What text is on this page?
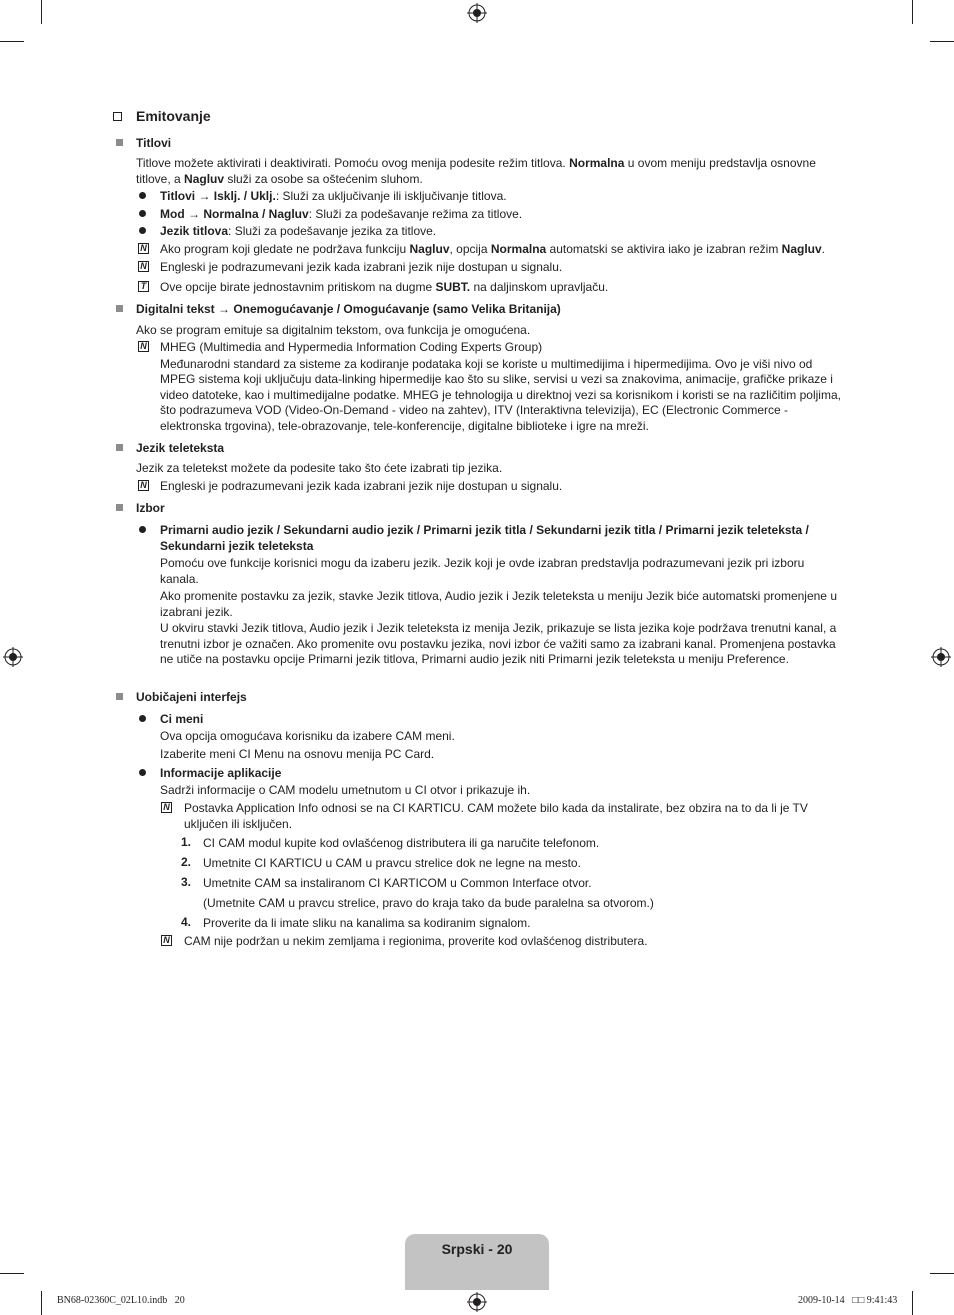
Emitovanje
Titlovi
Titlove možete aktivirati i deaktivirati. Pomoću ovog menija podesite režim titlova. Normalna u ovom meniju predstavlja osnovne
titlove, a Nagluv služi za osobe sa oštećenim sluhom.
Titlovi → Isklj. / Uklj.: Služi za uključivanje ili isključivanje titlova.
Mod → Normalna / Nagluv: Služi za podešavanje režima za titlove.
Jezik titlova: Služi za podešavanje jezika za titlove.
N Ako program koji gledate ne podržava funkciju Nagluv, opcija Normalna automatski se aktivira iako je izabran režim Nagluv.
N Engleski je podrazumevani jezik kada izabrani jezik nije dostupan u signalu.
T Ove opcije birate jednostavnim pritiskom na dugme SUBT. na daljinskom upravljaču.
Digitalni tekst → Onemogućavanje / Omogućavanje (samo Velika Britanija)
Ako se program emituje sa digitalnim tekstom, ova funkcija je omogućena.
N MHEG (Multimedia and Hypermedia Information Coding Experts Group)
Međunarodni standard za sisteme za kodiranje podataka koji se koriste u multimedijima i hipermedijima. Ovo je viši nivo od MPEG sistema koji uključuju data-linking hipermedije kao što su slike, servisi u vezi sa znakovima, animacije, grafičke prikaze i video datoteke, kao i multimedijalne podatke. MHEG je tehnologija u direktnoj vezi sa korisnikom i koristi se na različitim poljima, što podrazumeva VOD (Video-On-Demand - video na zahtev), ITV (Interaktivna televizija), EC (Electronic Commerce - elektronska trgovina), tele-obrazovanje, tele-konferencije, digitalne biblioteke i igre na mreži.
Jezik teleteksta
Jezik za teletekst možete da podesite tako što ćete izabrati tip jezika.
N Engleski je podrazumevani jezik kada izabrani jezik nije dostupan u signalu.
Izbor
Primarni audio jezik / Sekundarni audio jezik / Primarni jezik titla / Sekundarni jezik titla / Primarni jezik teleteksta /
Sekundarni jezik teleteksta
Pomoću ove funkcije korisnici mogu da izaberu jezik. Jezik koji je ovde izabran predstavlja podrazumevani jezik pri izboru kanala.
Ako promenite postavku za jezik, stavke Jezik titlova, Audio jezik i Jezik teleteksta u meniju Jezik biće automatski promenjene u izabrani jezik.
U okviru stavki Jezik titlova, Audio jezik i Jezik teleteksta iz menija Jezik, prikazuje se lista jezika koje podržava trenutni kanal, a trenutni izbor je označen. Ako promenite ovu postavku jezika, novi izbor će važiti samo za izabrani kanal. Promenjena postavka ne utiče na postavku opcije Primarni jezik titlova, Primarni audio jezik niti Primarni jezik teleteksta u meniju Preference.
Uobičajeni interfejs
Ci meni
Ova opcija omogućava korisniku da izabere CAM meni.
Izaberite meni CI Menu na osnovu menija PC Card.
Informacije aplikacije
Sadrži informacije o CAM modelu umetnutom u CI otvor i prikazuje ih.
N Postavka Application Info odnosi se na CI KARTICU. CAM možete bilo kada da instalirate, bez obzira na to da li je TV uključen ili isključen.
1. CI CAM modul kupite kod ovlašćenog distributera ili ga naručite telefonom.
2. Umetnite CI KARTICU u CAM u pravcu strelice dok ne legne na mesto.
3. Umetnite CAM sa instaliranom CI KARTICOM u Common Interface otvor.
(Umetnite CAM u pravcu strelice, pravo do kraja tako da bude paralelna sa otvorom.)
4. Proverite da li imate sliku na kanalima sa kodiranim signalom.
N CAM nije podržan u nekim zemljama i regionima, proverite kod ovlašćenog distributera.
Srpski - 20
BN68-02360C_02L10.indb   20	2009-10-14   □□ 9:41:43
